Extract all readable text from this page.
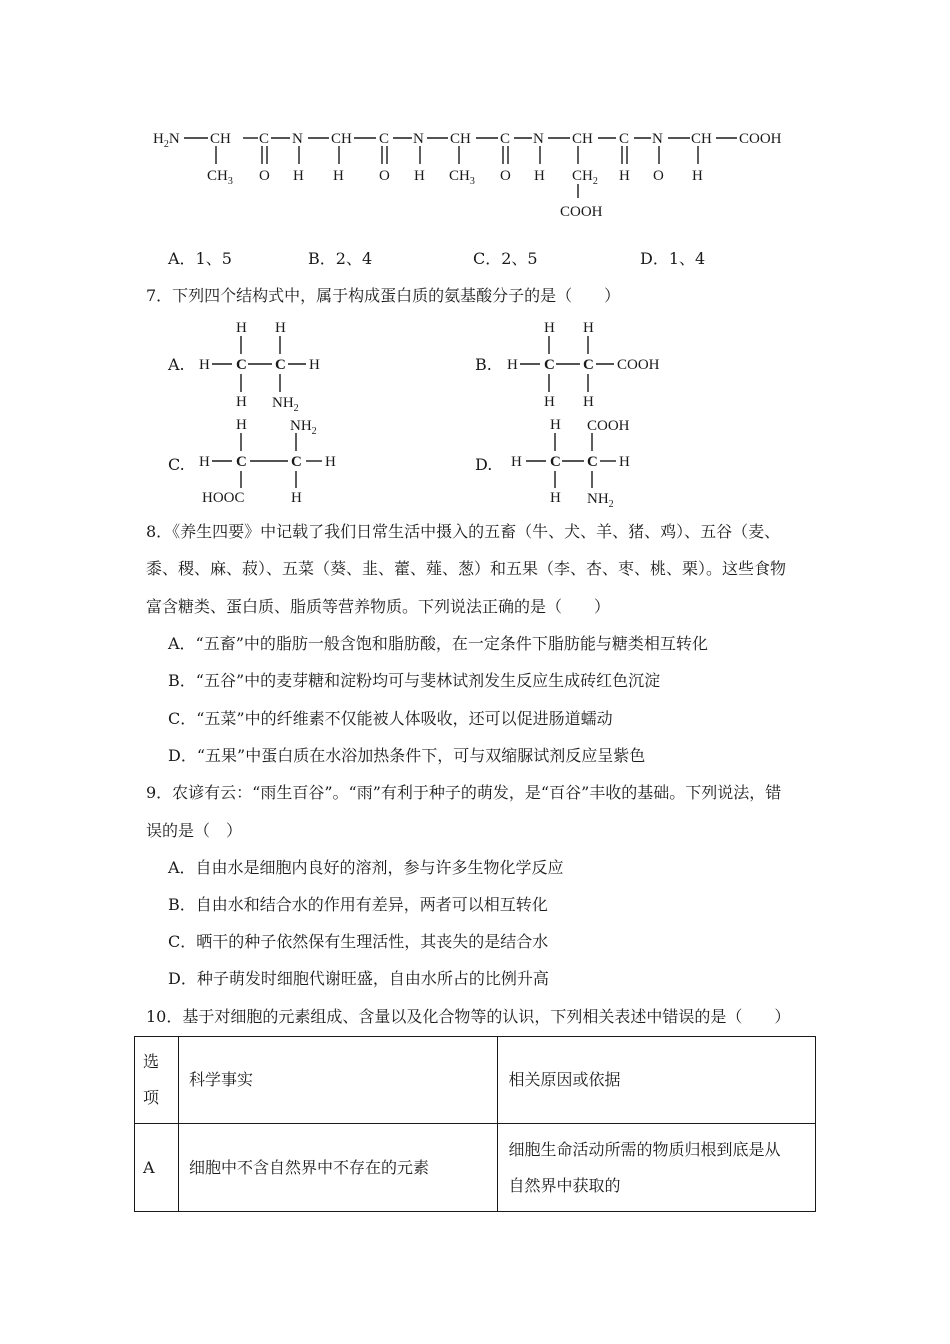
$H_2N$ CH C N CH C N CH C N CH C N CH COOH
$CH_3$ O H H O H $CH_3$ O H	H O H
$CH_2$
COOH
A．1、5	B．2、4	C．2、5	D．1、4
7．下列四个结构式中，属于构成蛋白质的氨基酸分子的是（　　）
A. H C C H
H H
H $NH_2$
B. H C C COOH
H H
H H
C. H C	C H
H	$NH_2$
HOOC	H
D. H C C H
H COOH
H $NH_2$
8．《养生四要》中记载了我们日常生活中摄入的五畜（牛、犬、羊、猪、鸡）、五谷（麦、
黍、稷、麻、菽）、五菜（葵、韭、藿、薤、葱）和五果（李、杏、枣、桃、栗）。这些食物
富含糖类、蛋白质、脂质等营养物质。下列说法正确的是（　　）
A．“五畜”中的脂肪一般含饱和脂肪酸，在一定条件下脂肪能与糖类相互转化
B．“五谷”中的麦芽糖和淀粉均可与斐林试剂发生反应生成砖红色沉淀
C．“五菜”中的纤维素不仅能被人体吸收，还可以促进肠道蠕动
D．“五果”中蛋白质在水浴加热条件下，可与双缩脲试剂反应呈紫色
9．农谚有云：“雨生百谷”。“雨”有利于种子的萌发，是“百谷”丰收的基础。下列说法，错
误的是（　）
A．自由水是细胞内良好的溶剂，参与许多生物化学反应
B．自由水和结合水的作用有差异，两者可以相互转化
C．晒干的种子依然保有生理活性，其丧失的是结合水
D．种子萌发时细胞代谢旺盛，自由水所占的比例升高
10．基于对细胞的元素组成、含量以及化合物等的认识，下列相关表述中错误的是（　　）
选
项	科学事实	相关原因或依据
A	细胞中不含自然界中不存在的元素	细胞生命活动所需的物质归根到底是从
自然界中获取的
